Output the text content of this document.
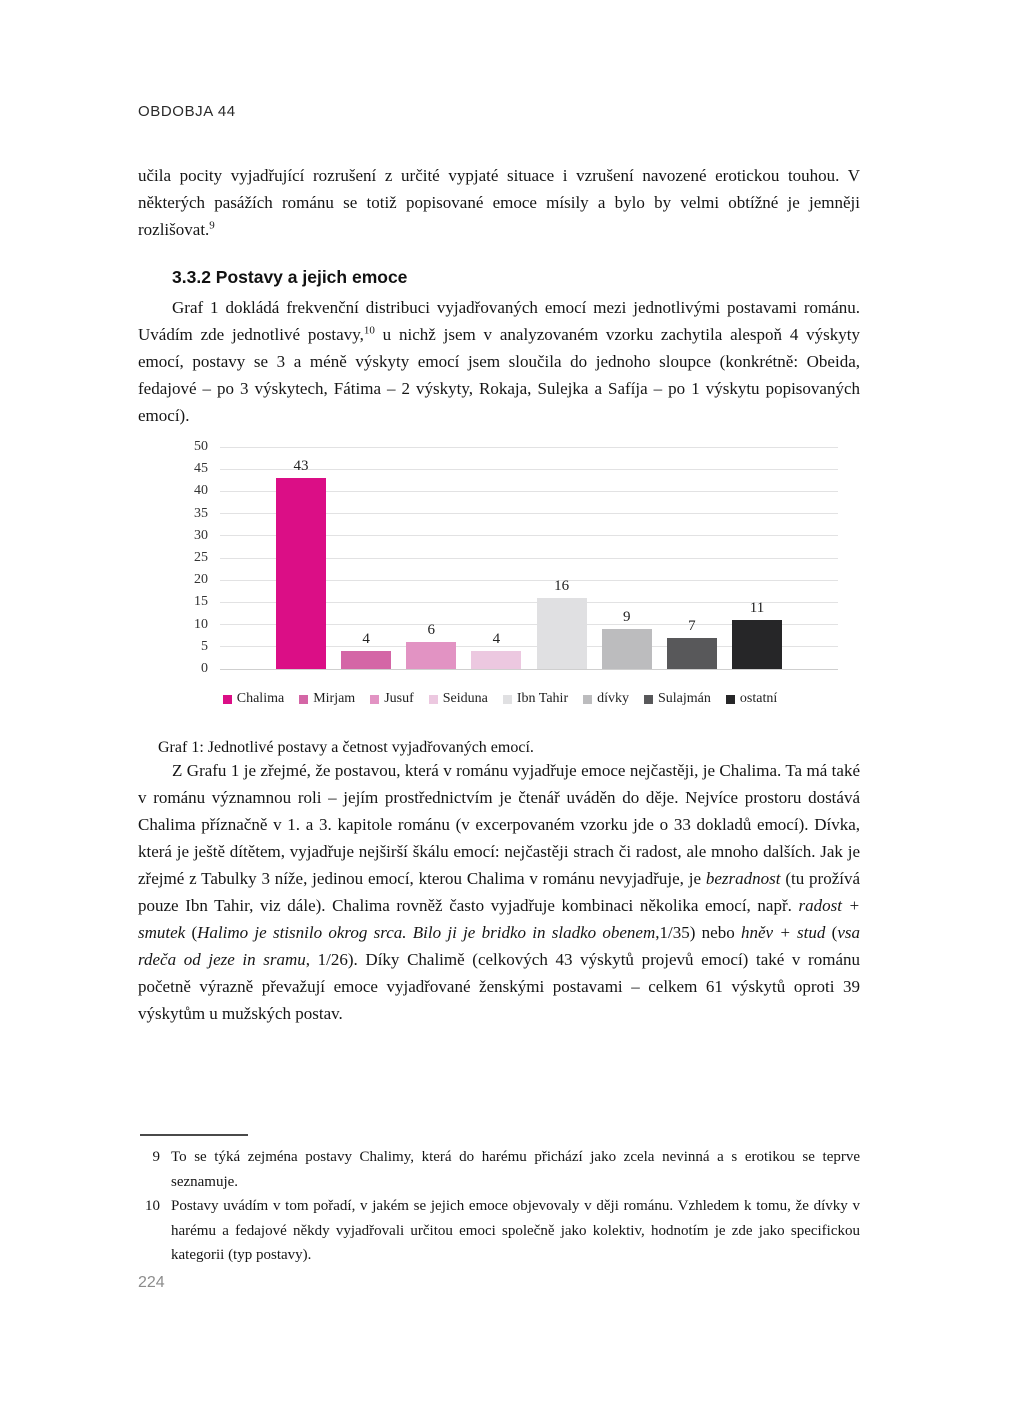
OBDOBJA 44

učila pocity vyjadřující rozrušení z určité vypjaté situace i vzrušení navozené erotickou touhou. V některých pasážích románu se totiž popisované emoce mísily a bylo by velmi obtížné je jemněji rozlišovat.$^9$

3.3.2 Postavy a jejich emoce

Graf 1 dokládá frekvenční distribuci vyjadřovaných emocí mezi jednotlivými postavami románu. Uvádím zde jednotlivé postavy,$^{10}$ u nichž jsem v analyzovaném vzorku zachytila alespoň 4 výskyty emocí, postavy se 3 a méně výskyty emocí jsem sloučila do jednoho sloupce (konkrétně: Obeida, fedajové – po 3 výskytech, Fátima – 2 výskyty, Rokaja, Sulejka a Safíja – po 1 výskytu popisovaných emocí).

50
45
40
35
30
25
20
15
10
5
0
43
4
6
4
16
9
7
11
Chalima Mirjam Jusuf Seiduna Ibn Tahir dívky Sulajmán ostatní
Graf 1: Jednotlivé postavy a četnost vyjadřovaných emocí.

Z Grafu 1 je zřejmé, že postavou, která v románu vyjadřuje emoce nejčastěji, je Chalima. Ta má také v románu významnou roli – jejím prostřednictvím je čtenář uváděn do děje. Nejvíce prostoru dostává Chalima příznačně v 1. a 3. kapitole románu (v excerpovaném vzorku jde o 33 dokladů emocí). Dívka, která je ještě dítětem, vyjadřuje nejširší škálu emocí: nejčastěji strach či radost, ale mnoho dalších. Jak je zřejmé z Tabulky 3 níže, jedinou emocí, kterou Chalima v románu nevyjadřuje, je bezradnost (tu prožívá pouze Ibn Tahir, viz dále). Chalima rovněž často vyjadřuje kombinaci několika emocí, např. radost + smutek (Halimo je stisnilo okrog srca. Bilo ji je bridko in sladko obenem,1/35) nebo hněv + stud (vsa rdeča od jeze in sramu, 1/26). Díky Chalimě (celkových 43 výskytů projevů emocí) také v románu početně výrazně převažují emoce vyjadřované ženskými postavami – celkem 61 výskytů oproti 39 výskytům u mužských postav.

9 To se týká zejména postavy Chalimy, která do harému přichází jako zcela nevinná a s erotikou se teprve seznamuje.
10 Postavy uvádím v tom pořadí, v jakém se jejich emoce objevovaly v ději románu. Vzhledem k tomu, že dívky v harému a fedajové někdy vyjadřovali určitou emoci společně jako kolektiv, hodnotím je zde jako specifickou kategorii (typ postavy).
224
